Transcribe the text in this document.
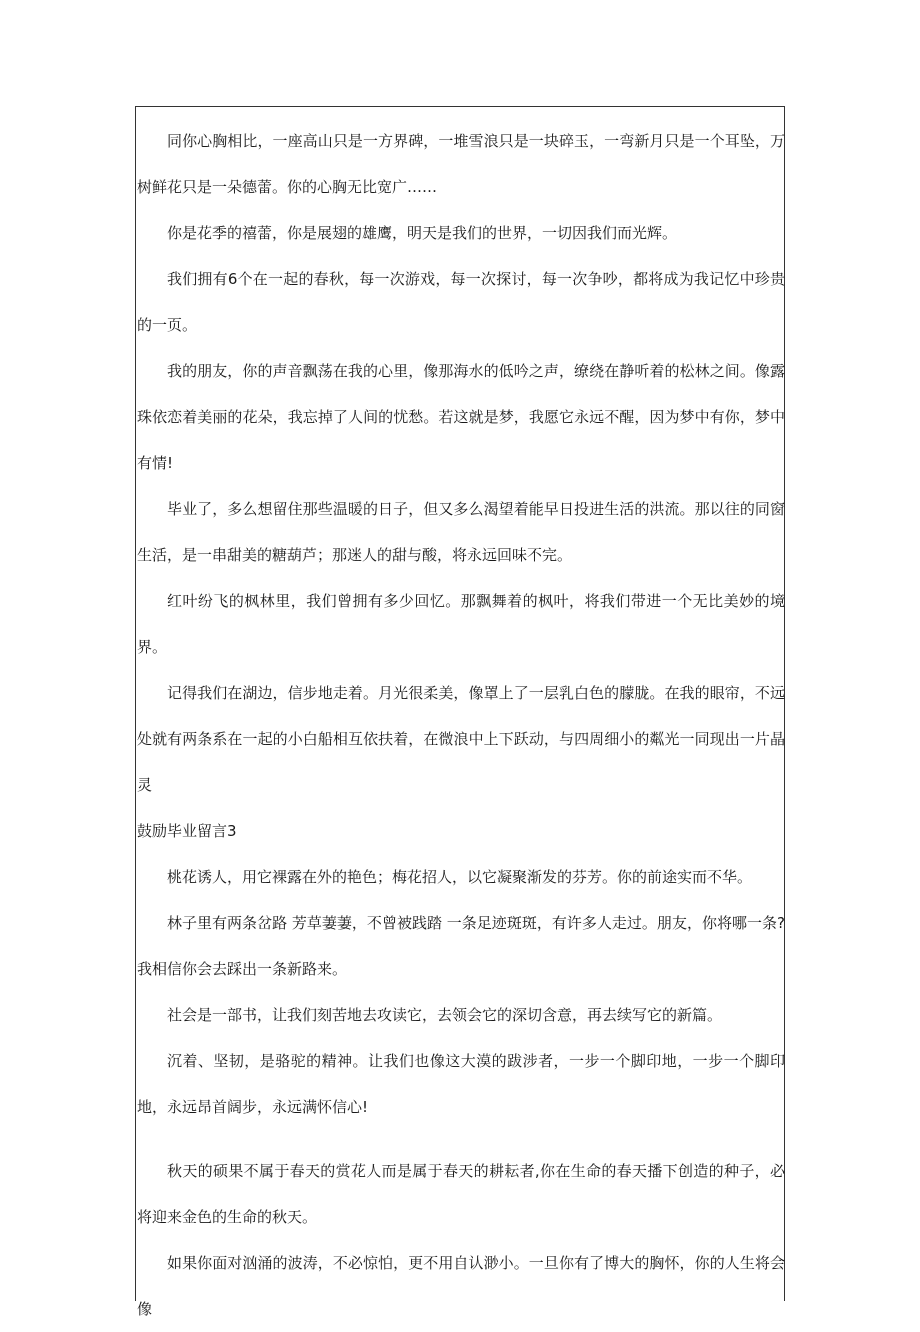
同你心胸相比，一座高山只是一方界碑，一堆雪浪只是一块碎玉，一弯新月只是一个耳坠，万树鲜花只是一朵德蕾。你的心胸无比宽广……

你是花季的禧蕾，你是展翅的雄鹰，明天是我们的世界，一切因我们而光辉。

我们拥有6个在一起的春秋，每一次游戏，每一次探讨，每一次争吵，都将成为我记忆中珍贵的一页。

我的朋友，你的声音飘荡在我的心里，像那海水的低吟之声，缭绕在静听着的松林之间。像露珠依恋着美丽的花朵，我忘掉了人间的忧愁。若这就是梦，我愿它永远不醒，因为梦中有你，梦中有情!

毕业了，多么想留住那些温暖的日子，但又多么渴望着能早日投进生活的洪流。那以往的同窗生活，是一串甜美的糖葫芦；那迷人的甜与酸，将永远回味不完。

红叶纷飞的枫林里，我们曾拥有多少回忆。那飘舞着的枫叶，将我们带进一个无比美妙的境界。

记得我们在湖边，信步地走着。月光很柔美，像罩上了一层乳白色的朦胧。在我的眼帘，不远处就有两条系在一起的小白船相互依扶着，在微浪中上下跃动，与四周细小的粼光一同现出一片晶灵

鼓励毕业留言3

桃花诱人，用它裸露在外的艳色；梅花招人，以它凝聚渐发的芬芳。你的前途实而不华。

林子里有两条岔路 芳草萋萋，不曾被践踏 一条足迹斑斑，有许多人走过。朋友，你将哪一条?我相信你会去踩出一条新路来。

社会是一部书，让我们刻苦地去攻读它，去领会它的深切含意，再去续写它的新篇。

沉着、坚韧，是骆驼的精神。让我们也像这大漠的跋涉者，一步一个脚印地，一步一个脚印地，永远昂首阔步，永远满怀信心!

秋天的硕果不属于春天的赏花人而是属于春天的耕耘者,你在生命的春天播下创造的种子，必将迎来金色的生命的秋天。

如果你面对汹涌的波涛，不必惊怕，更不用自认渺小。一旦你有了博大的胸怀，你的人生将会像
